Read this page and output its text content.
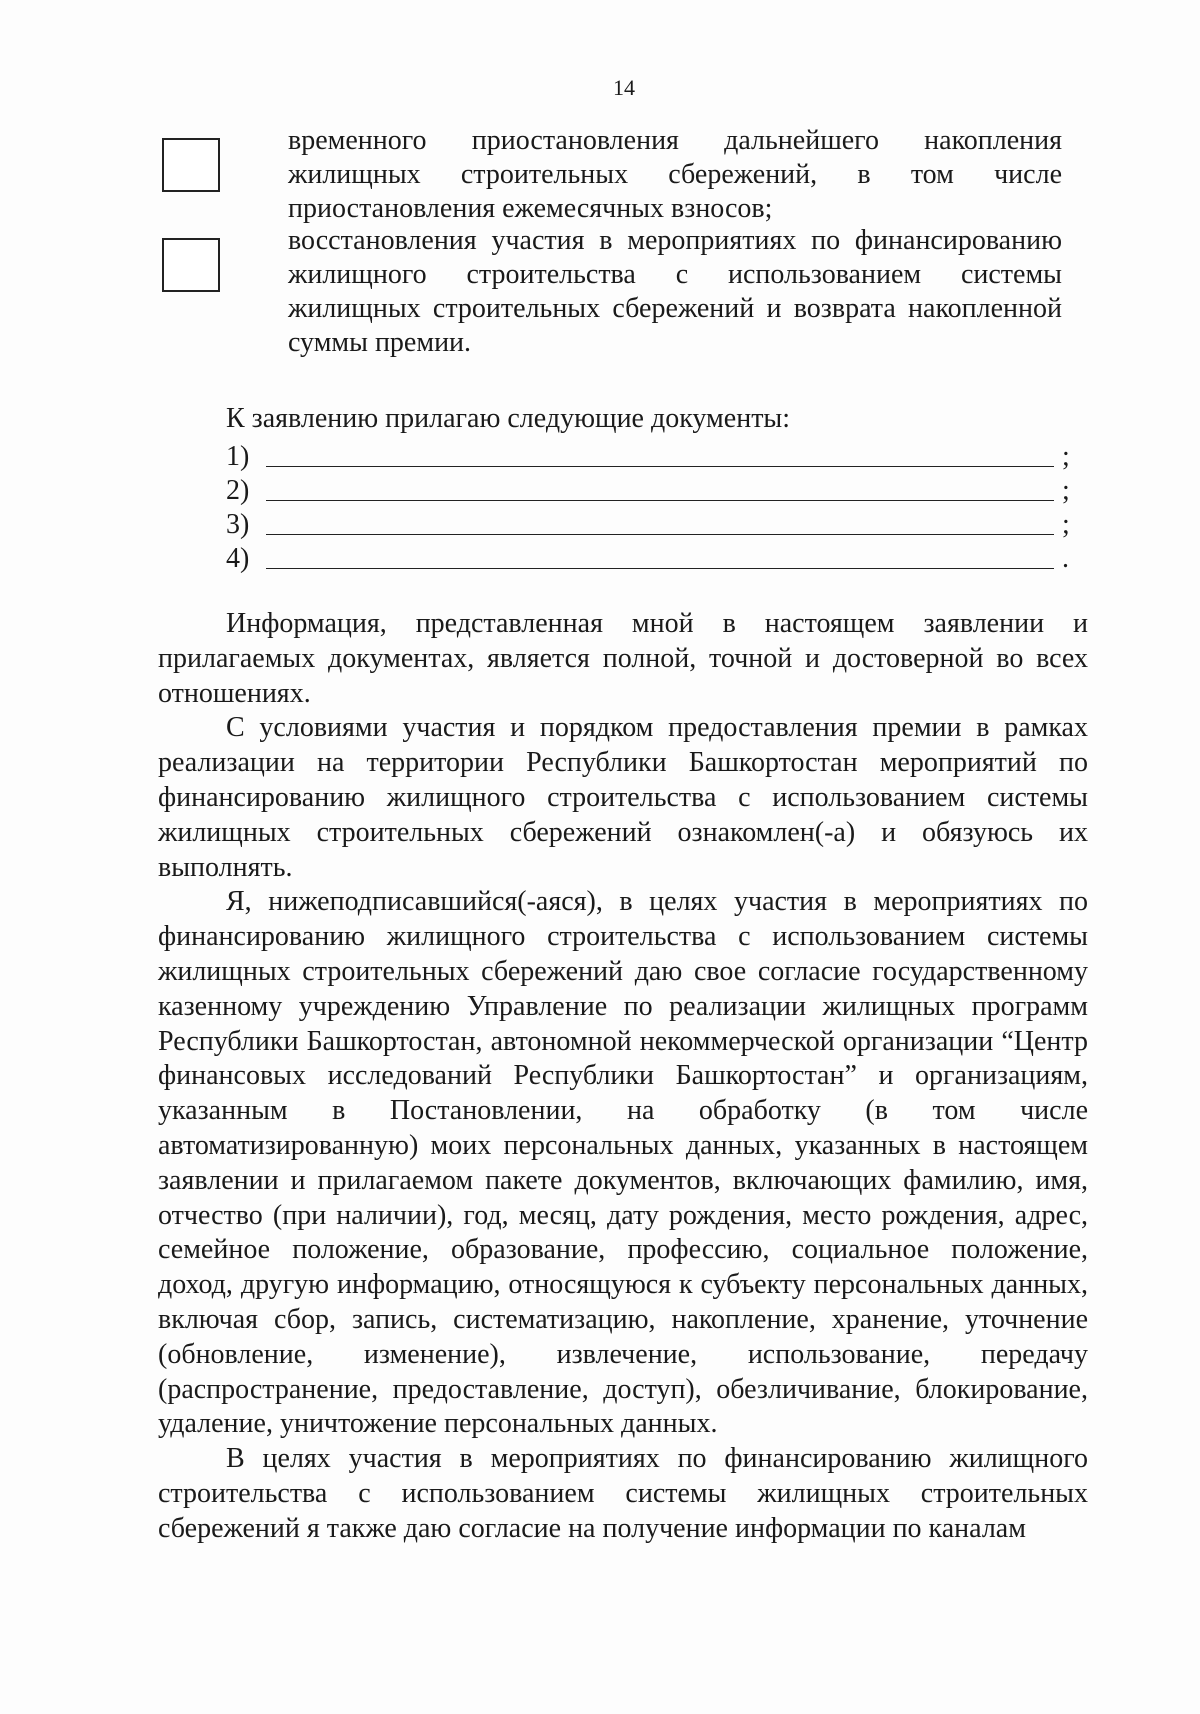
14
временного приостановления дальнейшего накопления жилищных строительных сбережений, в том числе приостановления ежемесячных взносов;
восстановления участия в мероприятиях по финансированию жилищного строительства с использованием системы жилищных строительных сбережений и возврата накопленной суммы премии.
К заявлению прилагаю следующие документы:
1)	;
2)	;
3)	;
4)	.

Информация, представленная мной в настоящем заявлении и прилагаемых документах, является полной, точной и достоверной во всех отношениях.

С условиями участия и порядком предоставления премии в рамках реализации на территории Республики Башкортостан мероприятий по финансированию жилищного строительства с использованием системы жилищных строительных сбережений ознакомлен(-а) и обязуюсь их выполнять.

Я, нижеподписавшийся(-аяся), в целях участия в мероприятиях по финансированию жилищного строительства с использованием системы жилищных строительных сбережений даю свое согласие государственному казенному учреждению Управление по реализации жилищных программ Республики Башкортостан, автономной некоммерческой организации “Центр финансовых исследований Республики Башкортостан” и организациям, указанным в Постановлении, на обработку (в том числе автоматизированную) моих персональных данных, указанных в настоящем заявлении и прилагаемом пакете документов, включающих фамилию, имя, отчество (при наличии), год, месяц, дату рождения, место рождения, адрес, семейное положение, образование, профессию, социальное положение, доход, другую информацию, относящуюся к субъекту персональных данных, включая сбор, запись, систематизацию, накопление, хранение, уточнение (обновление, изменение), извлечение, использование, передачу (распространение, предоставление, доступ), обезличивание, блокирование, удаление, уничтожение персональных данных.

В целях участия в мероприятиях по финансированию жилищного строительства с использованием системы жилищных строительных сбережений я также даю согласие на получение информации по каналам
